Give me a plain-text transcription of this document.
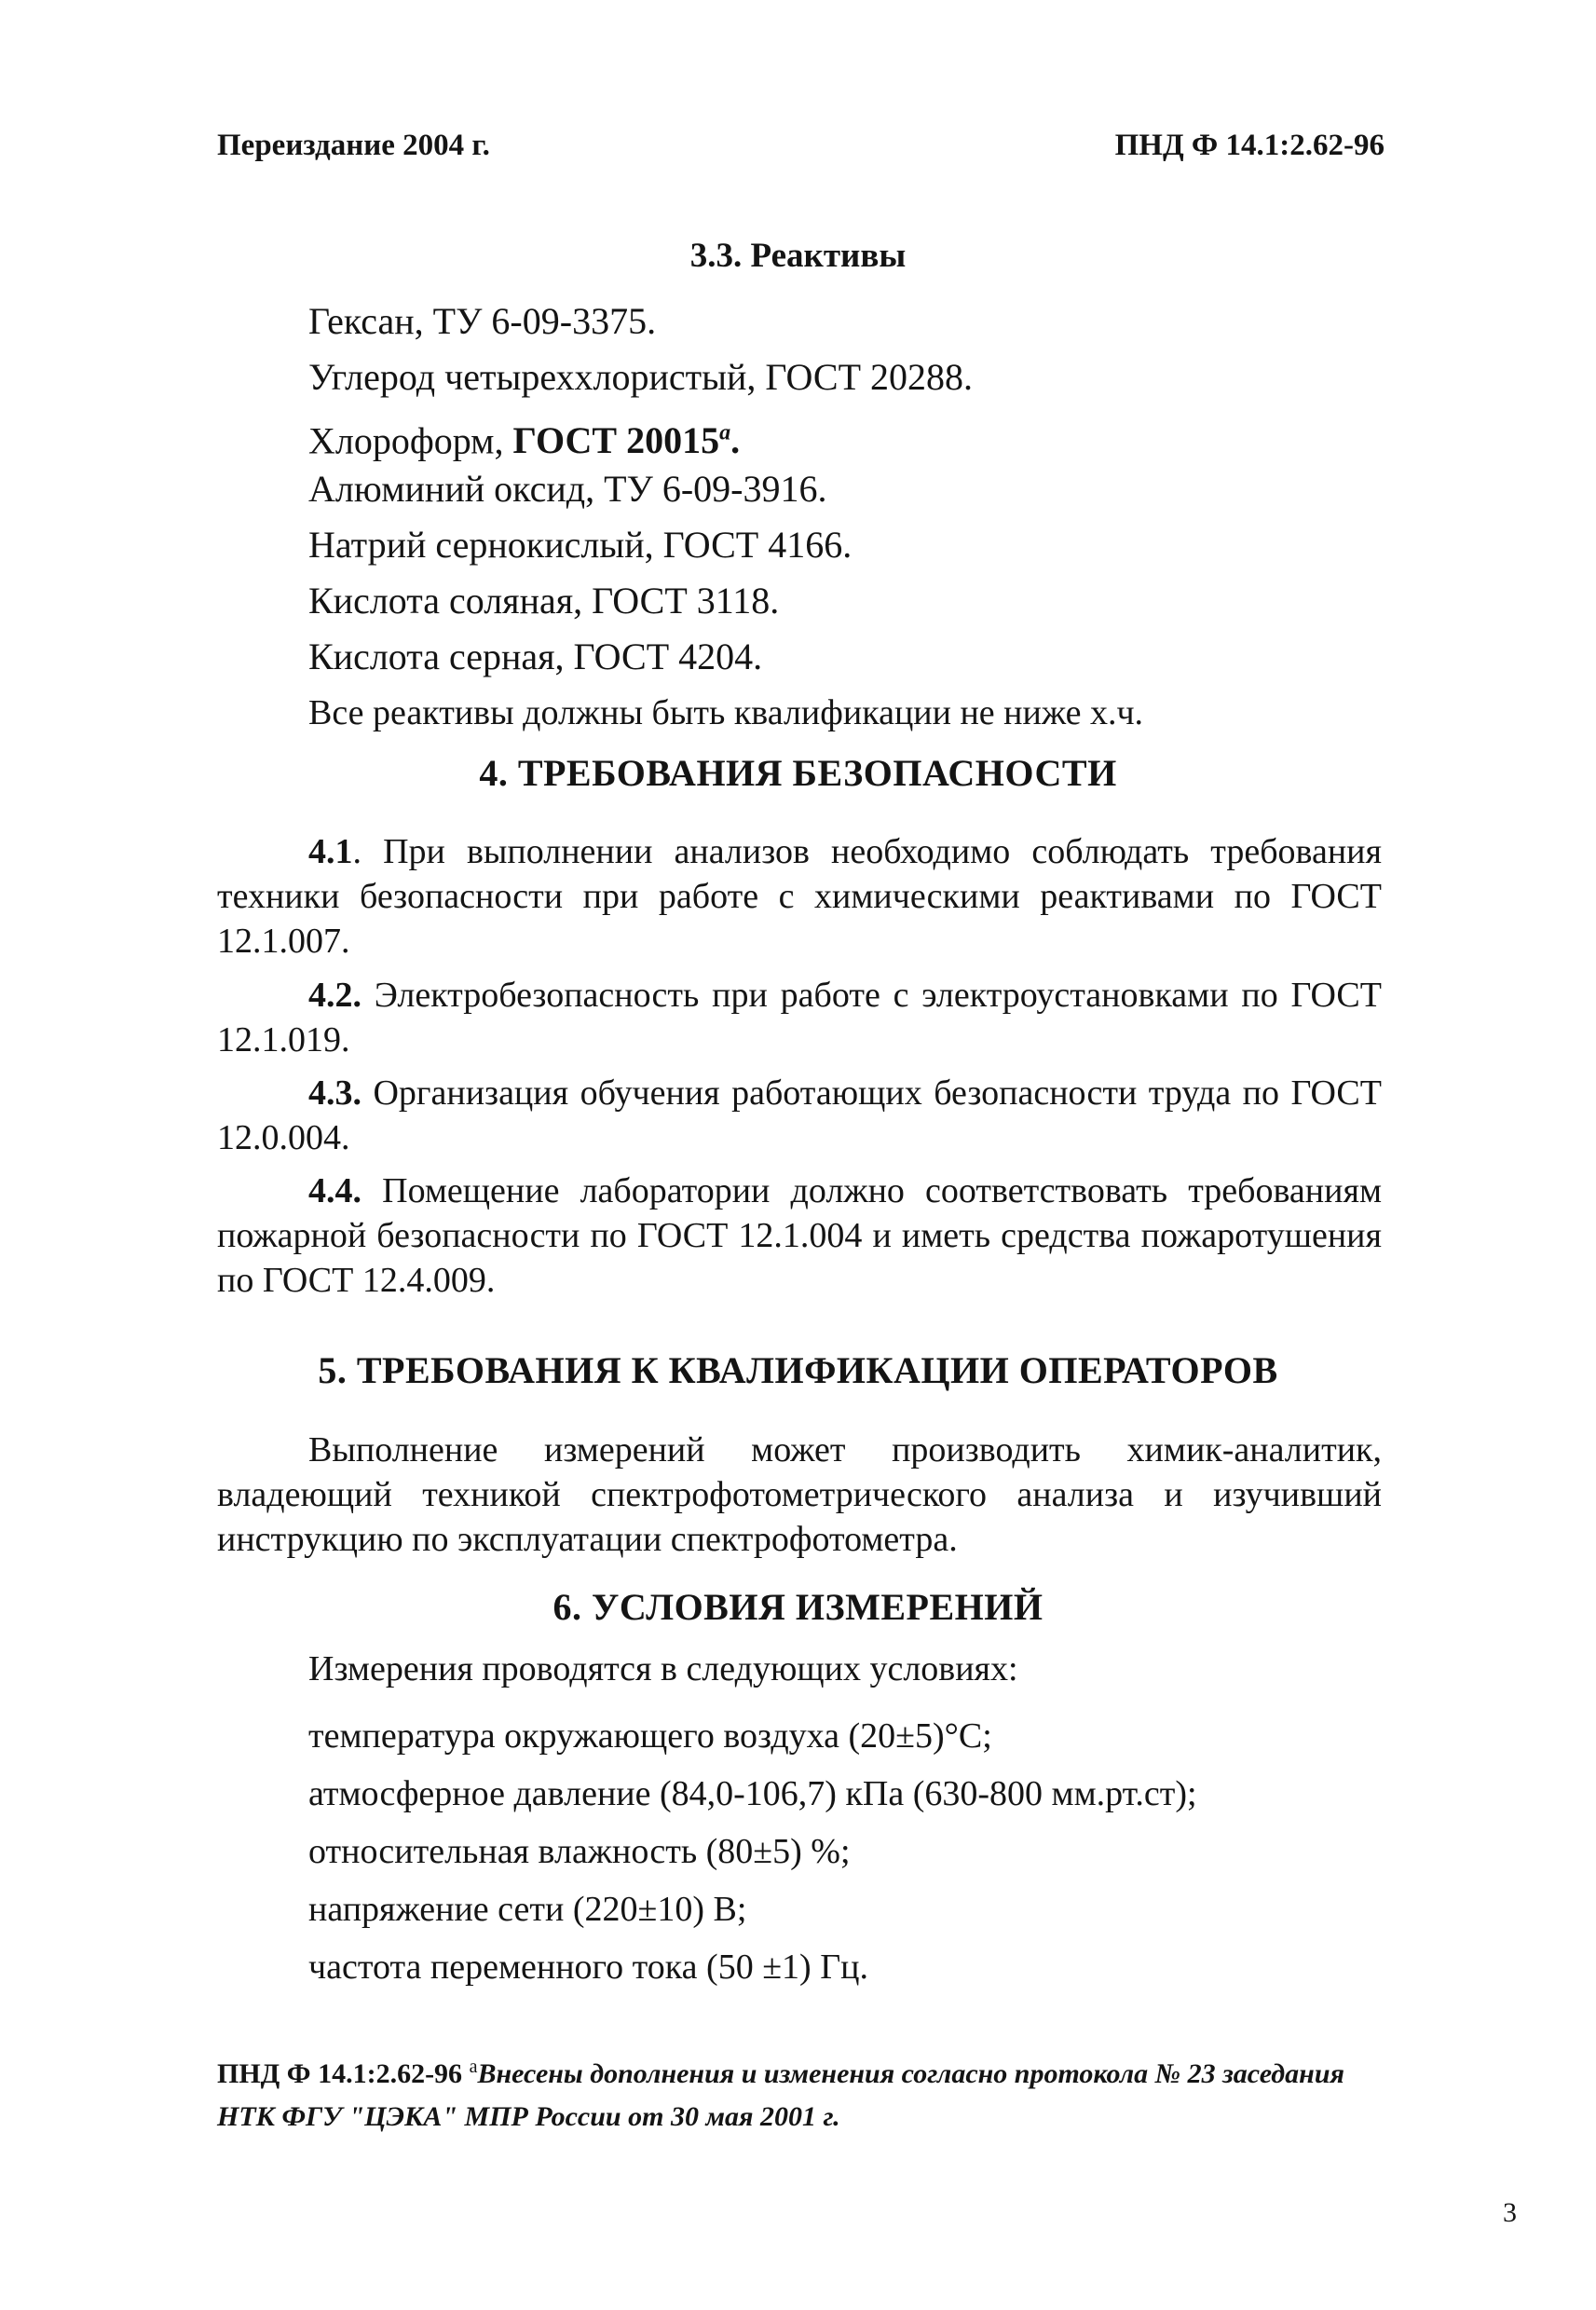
Переиздание 2004 г.	ПНД Ф 14.1:2.62-96
3.3. Реактивы
Гексан, ТУ 6-09-3375.
Углерод четыреххлористый, ГОСТ 20288.
Хлороформ, ГОСТ $20015^а$.
Алюминий оксид, ТУ 6-09-3916.
Натрий сернокислый, ГОСТ 4166.
Кислота соляная, ГОСТ 3118.
Кислота серная, ГОСТ 4204.
Все реактивы должны быть квалификации не ниже х.ч.
4. ТРЕБОВАНИЯ БЕЗОПАСНОСТИ
4.1. При выполнении анализов необходимо соблюдать требования техники безопасности при работе с химическими реактивами по ГОСТ 12.1.007.
4.2. Электробезопасность при работе с электроустановками по ГОСТ 12.1.019.
4.3. Организация обучения работающих безопасности труда по ГОСТ 12.0.004.
4.4. Помещение лаборатории должно соответствовать требованиям пожарной безопасности по ГОСТ 12.1.004 и иметь средства пожаротушения по ГОСТ 12.4.009.
5. ТРЕБОВАНИЯ К КВАЛИФИКАЦИИ ОПЕРАТОРОВ
Выполнение измерений может производить химик-аналитик, владеющий техникой спектрофотометрического анализа и изучивший инструкцию по эксплуатации спектрофотометра.
6. УСЛОВИЯ ИЗМЕРЕНИЙ
Измерения проводятся в следующих условиях:
температура окружающего воздуха (20±5)°С;
атмосферное давление (84,0-106,7) кПа (630-800 мм.рт.ст);
относительная влажность (80±5) %;
напряжение сети (220±10) В;
частота переменного тока (50 ±1) Гц.
ПНД Ф 14.1:2.62-96 $^а$Внесены дополнения и изменения согласно протокола № 23 заседания НТК ФГУ "ЦЭКА" МПР России от 30 мая 2001 г.
3
